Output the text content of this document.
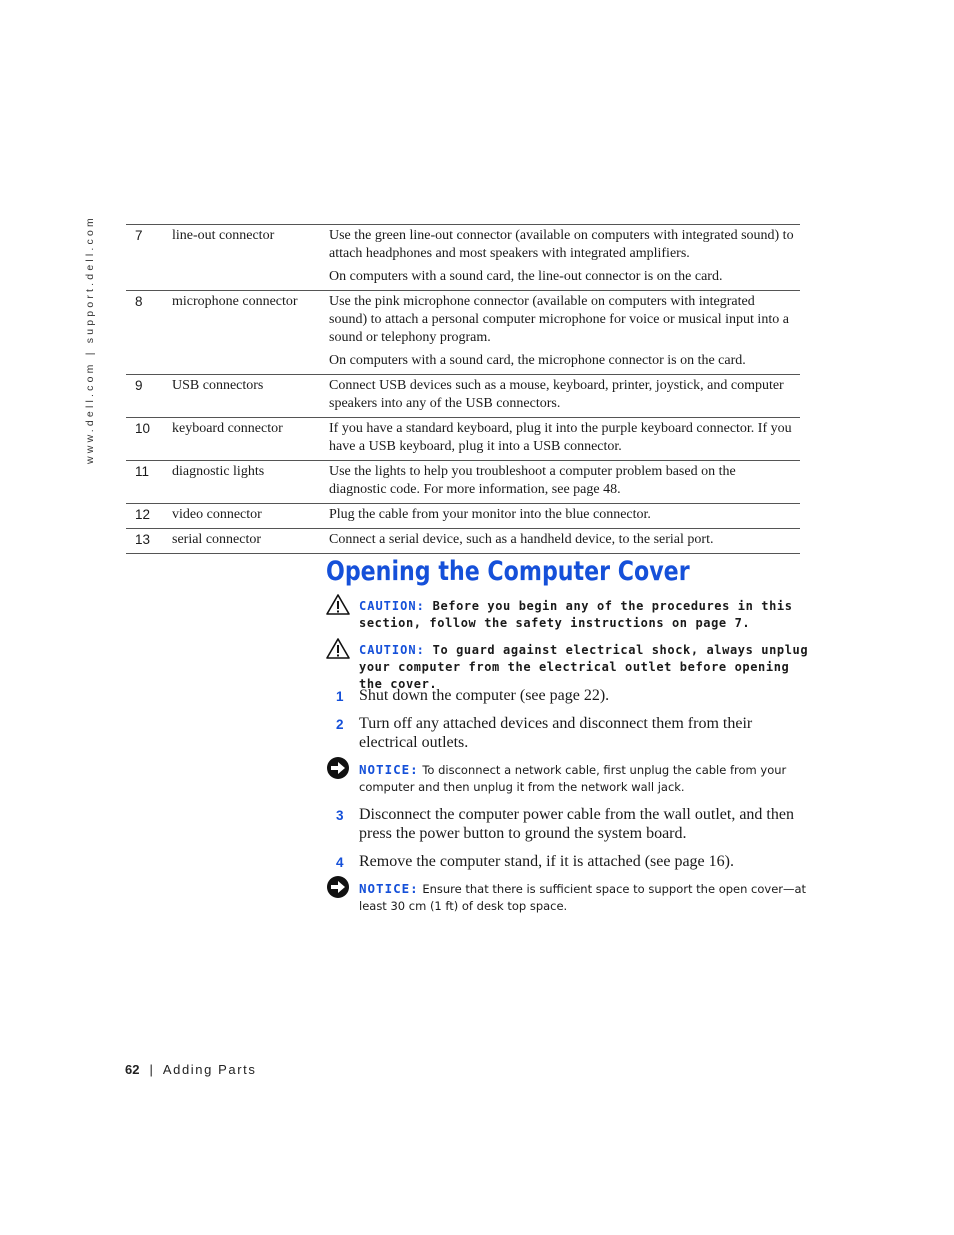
www.dell.com | support.dell.com	7	line-out connector	Use the green line-out connector (available on computers with integrated sound) to attach headphones and most speakers with integrated amplifiers.

On computers with a sound card, the line-out connector is on the card.

8	microphone connector	Use the pink microphone connector (available on computers with integrated sound) to attach a personal computer microphone for voice or musical input into a sound or telephony program.

On computers with a sound card, the microphone connector is on the card.

9	USB connectors	Connect USB devices such as a mouse, keyboard, printer, joystick, and computer speakers into any of the USB connectors.

10	keyboard connector	If you have a standard keyboard, plug it into the purple keyboard connector. If you have a USB keyboard, plug it into a USB connector.

11	diagnostic lights	Use the lights to help you troubleshoot a computer problem based on the diagnostic code. For more information, see page 48.

12	video connector	Plug the cable from your monitor into the blue connector.

13	serial connector	Connect a serial device, such as a handheld device, to the serial port.

Opening the Computer Cover
CAUTION: Before you begin any of the procedures in this section, follow the safety instructions on page 7.
CAUTION: To guard against electrical shock, always unplug your computer from the electrical outlet before opening the cover.
1 Shut down the computer (see page 22).
2 Turn off any attached devices and disconnect them from their electrical outlets.
NOTICE: To disconnect a network cable, first unplug the cable from your computer and then unplug it from the network wall jack.
3 Disconnect the computer power cable from the wall outlet, and then press the power button to ground the system board.
4 Remove the computer stand, if it is attached (see page 16).
NOTICE: Ensure that there is sufficient space to support the open cover—at least 30 cm (1 ft) of desk top space.
62 | Adding Parts
